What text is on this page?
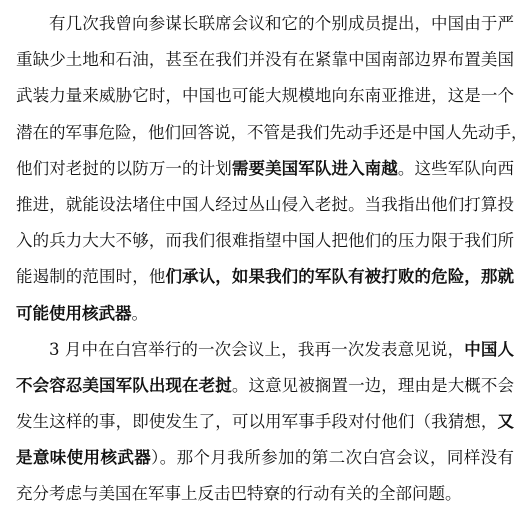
有几次我曾向参谋长联席会议和它的个别成员提出，中国由于严
重缺少土地和石油，甚至在我们并没有在紧靠中国南部边界布置美国
武装力量来威胁它时，中国也可能大规模地向东南亚推进，这是一个
潜在的军事危险，他们回答说，不管是我们先动手还是中国人先动手，
他们对老挝的以防万一的计划需要美国军队进入南越。这些军队向西
推进，就能设法堵住中国人经过丛山侵入老挝。当我指出他们打算投
入的兵力大大不够，而我们很难指望中国人把他们的压力限于我们所
能遏制的范围时，他们承认，如果我们的军队有被打败的危险，那就
可能使用核武器。
3 月中在白宫举行的一次会议上，我再一次发表意见说，中国人
不会容忍美国军队出现在老挝。这意见被搁置一边，理由是大概不会
发生这样的事，即使发生了，可以用军事手段对付他们（我猜想，又
是意味使用核武器）。那个月我所参加的第二次白宫会议，同样没有
充分考虑与美国在军事上反击巴特寮的行动有关的全部问题。
